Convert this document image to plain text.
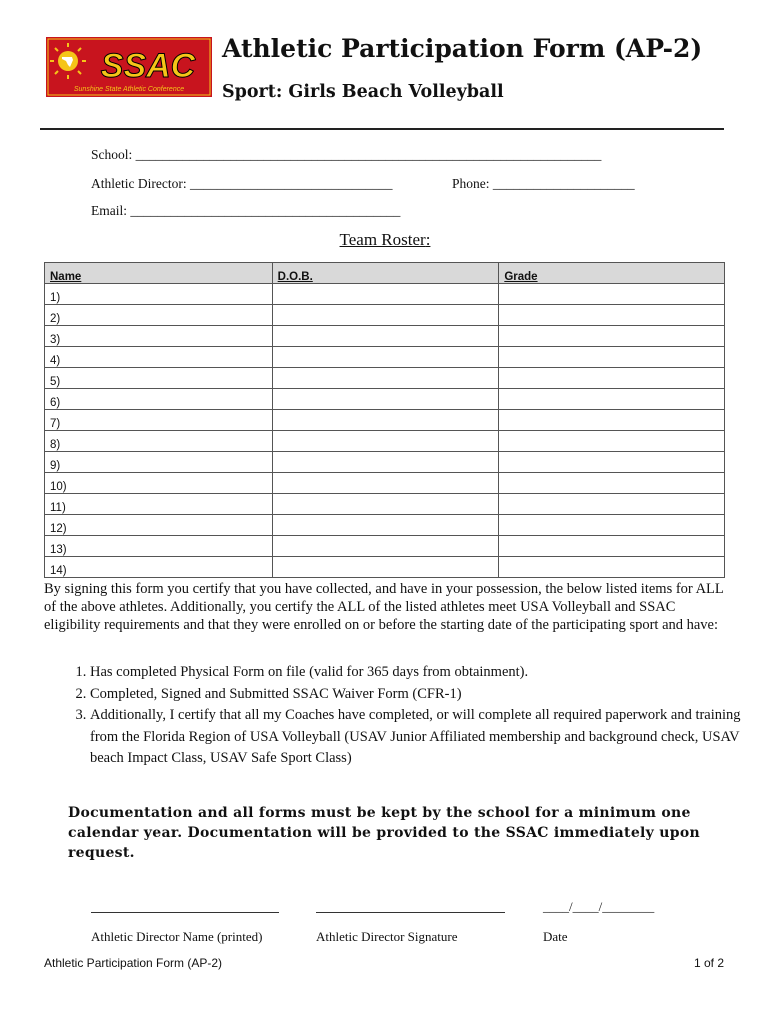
SSAC
Sunshine State Athletic Conference
Athletic Participation Form (AP-2)
Sport: Girls Beach Volleyball
School: _____________________________________________________________________
Athletic Director: ______________________________	Phone: _____________________
Email: ________________________________________
Team Roster:
Name	D.O.B.	Grade
1)		
2)		
3)		
4)		
5)		
6)		
7)		
8)		
9)		
10)		
11)		
12)		
13)		
14)		
By signing this form you certify that you have collected, and have in your possession, the below listed items for ALL of the above athletes. Additionally, you certify the ALL of the listed athletes meet USA Volleyball and SSAC eligibility requirements and that they were enrolled on or before the starting date of the participating sport and have:
1. Has completed Physical Form on file (valid for 365 days from obtainment).
2. Completed, Signed and Submitted SSAC Waiver Form (CFR-1)
3. Additionally, I certify that all my Coaches have completed, or will complete all required paperwork and training from the Florida Region of USA Volleyball (USAV Junior Affiliated membership and background check, USAV beach Impact Class, USAV Safe Sport Class)
Documentation and all forms must be kept by the school for a minimum one calendar year. Documentation will be provided to the SSAC immediately upon request.
____/____/________
Athletic Director Name (printed)	Athletic Director Signature	Date
Athletic Participation Form (AP-2)	1 of 2
